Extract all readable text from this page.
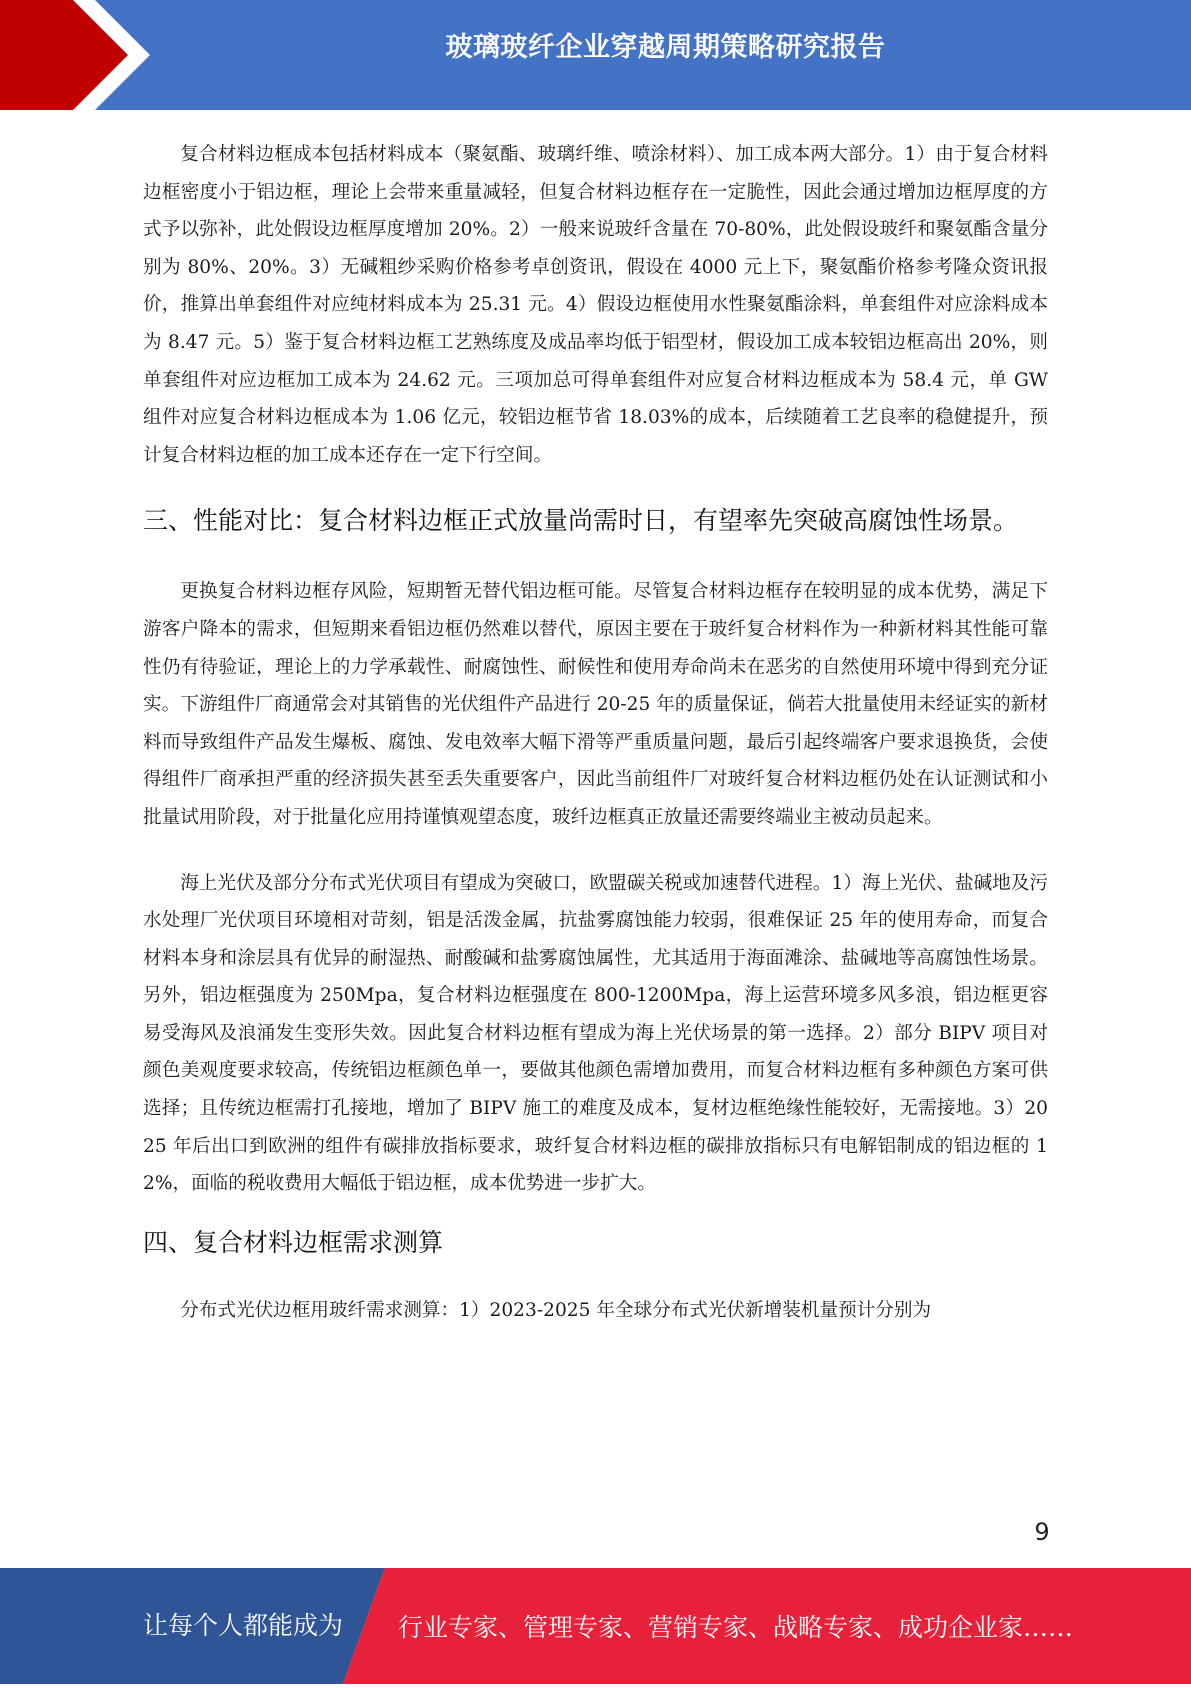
玻璃玻纤企业穿越周期策略研究报告

复合材料边框成本包括材料成本（聚氨酯、玻璃纤维、喷涂材料）、加工成本两大部分。1）由于复合材料边框密度小于铝边框，理论上会带来重量减轻，但复合材料边框存在一定脆性，因此会通过增加边框厚度的方式予以弥补，此处假设边框厚度增加 20%。2）一般来说玻纤含量在 70-80%，此处假设玻纤和聚氨酯含量分别为 80%、20%。3）无碱粗纱采购价格参考卓创资讯，假设在 4000 元上下，聚氨酯价格参考隆众资讯报价，推算出单套组件对应纯材料成本为 25.31 元。4）假设边框使用水性聚氨酯涂料，单套组件对应涂料成本为 8.47 元。5）鉴于复合材料边框工艺熟练度及成品率均低于铝型材，假设加工成本较铝边框高出 20%，则单套组件对应边框加工成本为 24.62 元。三项加总可得单套组件对应复合材料边框成本为 58.4 元，单 GW 组件对应复合材料边框成本为 1.06 亿元，较铝边框节省 18.03%的成本，后续随着工艺良率的稳健提升，预计复合材料边框的加工成本还存在一定下行空间。

三、性能对比：复合材料边框正式放量尚需时日，有望率先突破高腐蚀性场景。

更换复合材料边框存风险，短期暂无替代铝边框可能。尽管复合材料边框存在较明显的成本优势，满足下游客户降本的需求，但短期来看铝边框仍然难以替代，原因主要在于玻纤复合材料作为一种新材料其性能可靠性仍有待验证，理论上的力学承载性、耐腐蚀性、耐候性和使用寿命尚未在恶劣的自然使用环境中得到充分证实。下游组件厂商通常会对其销售的光伏组件产品进行 20-25 年的质量保证，倘若大批量使用未经证实的新材料而导致组件产品发生爆板、腐蚀、发电效率大幅下滑等严重质量问题，最后引起终端客户要求退换货，会使得组件厂商承担严重的经济损失甚至丢失重要客户，因此当前组件厂对玻纤复合材料边框仍处在认证测试和小批量试用阶段，对于批量化应用持谨慎观望态度，玻纤边框真正放量还需要终端业主被动员起来。

海上光伏及部分分布式光伏项目有望成为突破口，欧盟碳关税或加速替代进程。1）海上光伏、盐碱地及污水处理厂光伏项目环境相对苛刻，铝是活泼金属，抗盐雾腐蚀能力较弱，很难保证 25 年的使用寿命，而复合材料本身和涂层具有优异的耐湿热、耐酸碱和盐雾腐蚀属性，尤其适用于海面滩涂、盐碱地等高腐蚀性场景。另外，铝边框强度为 250Mpa，复合材料边框强度在 800-1200Mpa，海上运营环境多风多浪，铝边框更容易受海风及浪涌发生变形失效。因此复合材料边框有望成为海上光伏场景的第一选择。2）部分 BIPV 项目对颜色美观度要求较高，传统铝边框颜色单一，要做其他颜色需增加费用，而复合材料边框有多种颜色方案可供选择；且传统边框需打孔接地，增加了 BIPV 施工的难度及成本，复材边框绝缘性能较好，无需接地。3）2025 年后出口到欧洲的组件有碳排放指标要求，玻纤复合材料边框的碳排放指标只有电解铝制成的铝边框的 12%，面临的税收费用大幅低于铝边框，成本优势进一步扩大。

四、复合材料边框需求测算

分布式光伏边框用玻纤需求测算：1）2023-2025 年全球分布式光伏新增装机量预计分别为

9
让每个人都能成为 行业专家、管理专家、营销专家、战略专家、成功企业家……
